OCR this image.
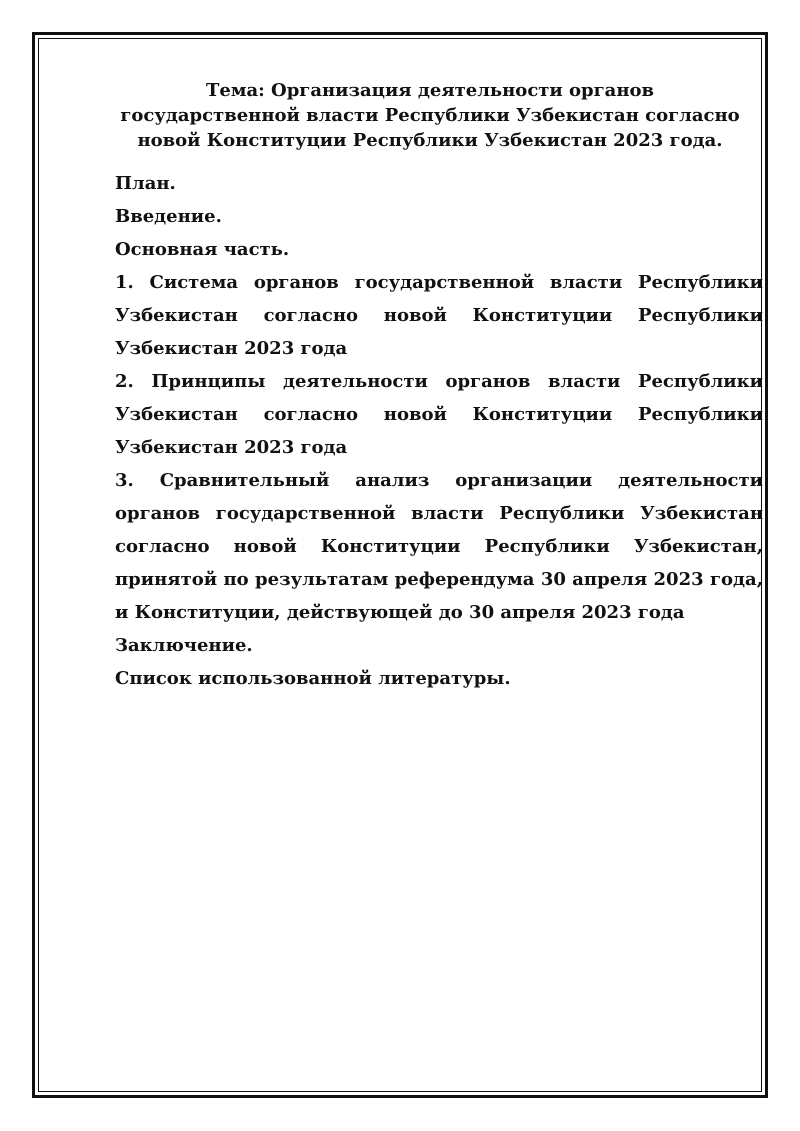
Тема: Организация деятельности органов государственной власти Республики Узбекистан согласно новой Конституции Республики Узбекистан 2023 года.

План.
Введение.
Основная часть.
1. Система органов государственной власти Республики Узбекистан согласно новой Конституции Республики Узбекистан 2023 года
2. Принципы деятельности органов власти Республики Узбекистан согласно новой Конституции Республики Узбекистан 2023 года
3. Сравнительный анализ организации деятельности органов государственной власти Республики Узбекистан согласно новой Конституции Республики Узбекистан, принятой по результатам референдума 30 апреля 2023 года, и Конституции, действующей до 30 апреля 2023 года
Заключение.
Список использованной литературы.
